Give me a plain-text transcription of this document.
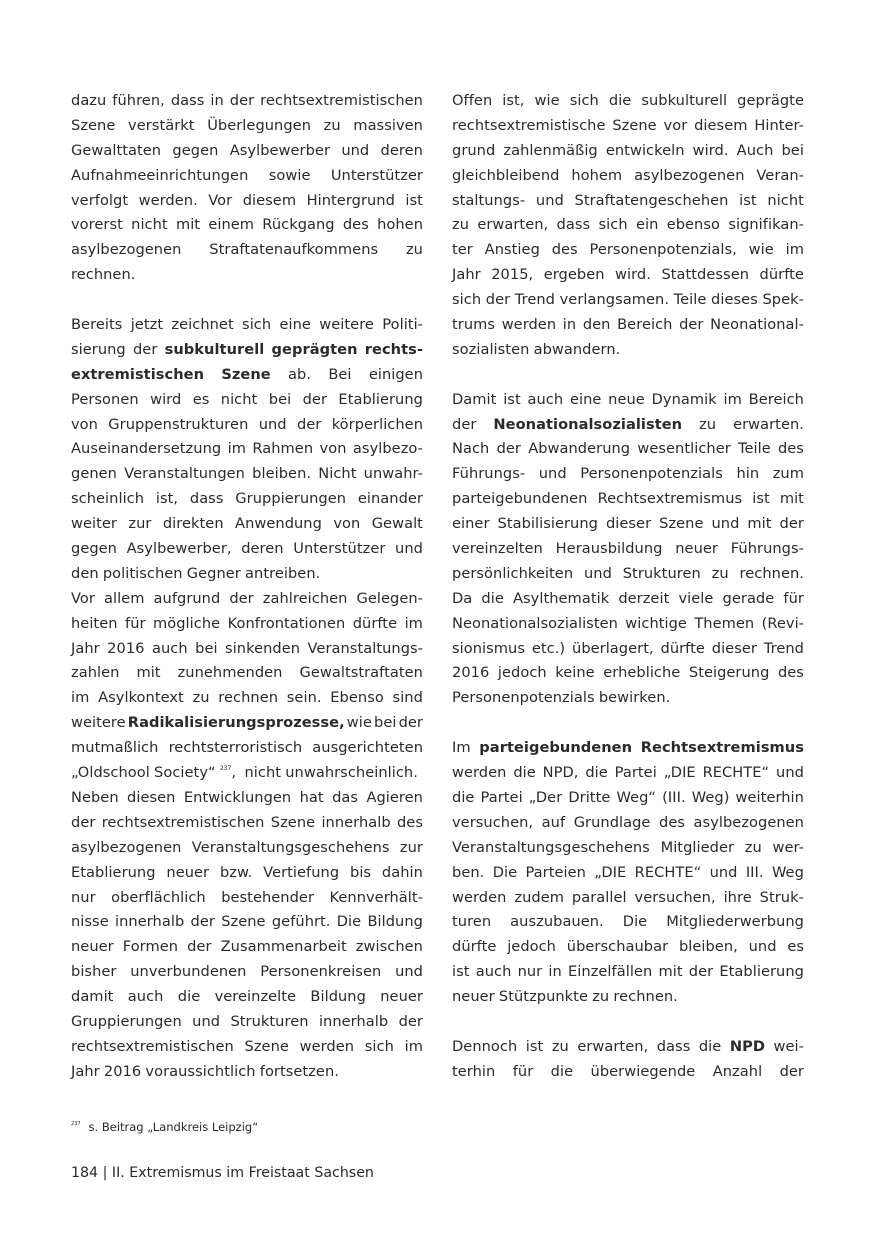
dazu führen, dass in der rechtsextremistischen
Szene verstärkt Überlegungen zu massiven
Gewalttaten gegen Asylbewerber und deren
Aufnahmeeinrichtungen sowie Unterstützer
verfolgt werden. Vor diesem Hintergrund ist
vorerst nicht mit einem Rückgang des hohen
asylbezogenen Straftatenaufkommens zu
rechnen.
Bereits jetzt zeichnet sich eine weitere Politi-
sierung der subkulturell geprägten rechts-
extremistischen Szene ab. Bei einigen
Personen wird es nicht bei der Etablierung
von Gruppenstrukturen und der körperlichen
Auseinandersetzung im Rahmen von asylbezo-
genen Veranstaltungen bleiben. Nicht unwahr-
scheinlich ist, dass Gruppierungen einander
weiter zur direkten Anwendung von Gewalt
gegen Asylbewerber, deren Unterstützer und
den politischen Gegner antreiben.
Vor allem aufgrund der zahlreichen Gelegen-
heiten für mögliche Konfrontationen dürfte im
Jahr 2016 auch bei sinkenden Veranstaltungs-
zahlen mit zunehmenden Gewaltstraftaten
im Asylkontext zu rechnen sein. Ebenso sind
weitere Radikalisierungsprozesse, wie bei der
mutmaßlich rechtsterroristisch ausgerichteten
„Oldschool Society“ $^{237}$, nicht unwahrscheinlich.
Neben diesen Entwicklungen hat das Agieren
der rechtsextremistischen Szene innerhalb des
asylbezogenen Veranstaltungsgeschehens zur
Etablierung neuer bzw. Vertiefung bis dahin
nur oberflächlich bestehender Kennverhält-
nisse innerhalb der Szene geführt. Die Bildung
neuer Formen der Zusammenarbeit zwischen
bisher unverbundenen Personenkreisen und
damit auch die vereinzelte Bildung neuer
Gruppierungen und Strukturen innerhalb der
rechtsextremistischen Szene werden sich im
Jahr 2016 voraussichtlich fortsetzen.
Offen ist, wie sich die subkulturell geprägte
rechtsextremistische Szene vor diesem Hinter-
grund zahlenmäßig entwickeln wird. Auch bei
gleichbleibend hohem asylbezogenen Veran-
staltungs- und Straftatengeschehen ist nicht
zu erwarten, dass sich ein ebenso signifikan-
ter Anstieg des Personenpotenzials, wie im
Jahr 2015, ergeben wird. Stattdessen dürfte
sich der Trend verlangsamen. Teile dieses Spek-
trums werden in den Bereich der Neonational-
sozialisten abwandern.
Damit ist auch eine neue Dynamik im Bereich
der Neonationalsozialisten zu erwarten.
Nach der Abwanderung wesentlicher Teile des
Führungs- und Personenpotenzials hin zum
parteigebundenen Rechtsextremismus ist mit
einer Stabilisierung dieser Szene und mit der
vereinzelten Herausbildung neuer Führungs-
persönlichkeiten und Strukturen zu rechnen.
Da die Asylthematik derzeit viele gerade für
Neonationalsozialisten wichtige Themen (Revi-
sionismus etc.) überlagert, dürfte dieser Trend
2016 jedoch keine erhebliche Steigerung des
Personenpotenzials bewirken.
Im parteigebundenen Rechtsextremismus
werden die NPD, die Partei „DIE RECHTE“ und
die Partei „Der Dritte Weg“ (III. Weg) weiterhin
versuchen, auf Grundlage des asylbezogenen
Veranstaltungsgeschehens Mitglieder zu wer-
ben. Die Parteien „DIE RECHTE“ und III. Weg
werden zudem parallel versuchen, ihre Struk-
turen auszubauen. Die Mitgliederwerbung
dürfte jedoch überschaubar bleiben, und es
ist auch nur in Einzelfällen mit der Etablierung
neuer Stützpunkte zu rechnen.
Dennoch ist zu erwarten, dass die NPD wei-
terhin für die überwiegende Anzahl der
$^{237}$ s. Beitrag „Landkreis Leipzig“
184 | II. Extremismus im Freistaat Sachsen
